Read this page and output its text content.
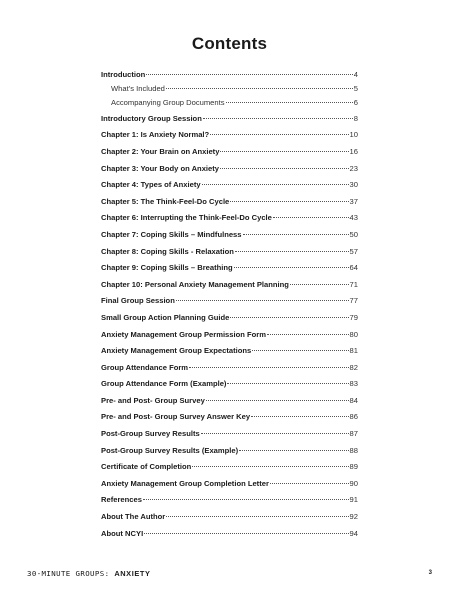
Contents
Introduction	4
What’s Included	5
Accompanying Group Documents	6
Introductory Group Session	8
Chapter 1: Is Anxiety Normal?	10
Chapter 2: Your Brain on Anxiety	16
Chapter 3: Your Body on Anxiety	23
Chapter 4: Types of Anxiety	30
Chapter 5: The Think-Feel-Do Cycle	37
Chapter 6: Interrupting the Think-Feel-Do Cycle	43
Chapter 7: Coping Skills – Mindfulness	50
Chapter 8: Coping Skills - Relaxation	57
Chapter 9: Coping Skills – Breathing	64
Chapter 10: Personal Anxiety Management Planning	71
Final Group Session	77
Small Group Action Planning Guide	79
Anxiety Management Group Permission Form	80
Anxiety Management Group Expectations	81
Group Attendance Form	82
Group Attendance Form (Example)	83
Pre- and Post- Group Survey	84
Pre- and Post- Group Survey Answer Key	86
Post-Group Survey Results	87
Post-Group Survey Results (Example)	88
Certificate of Completion	89
Anxiety Management Group Completion Letter	90
References	91
About The Author	92
About NCYI	94
30-MINUTE GROUPS: ANXIETY	3
